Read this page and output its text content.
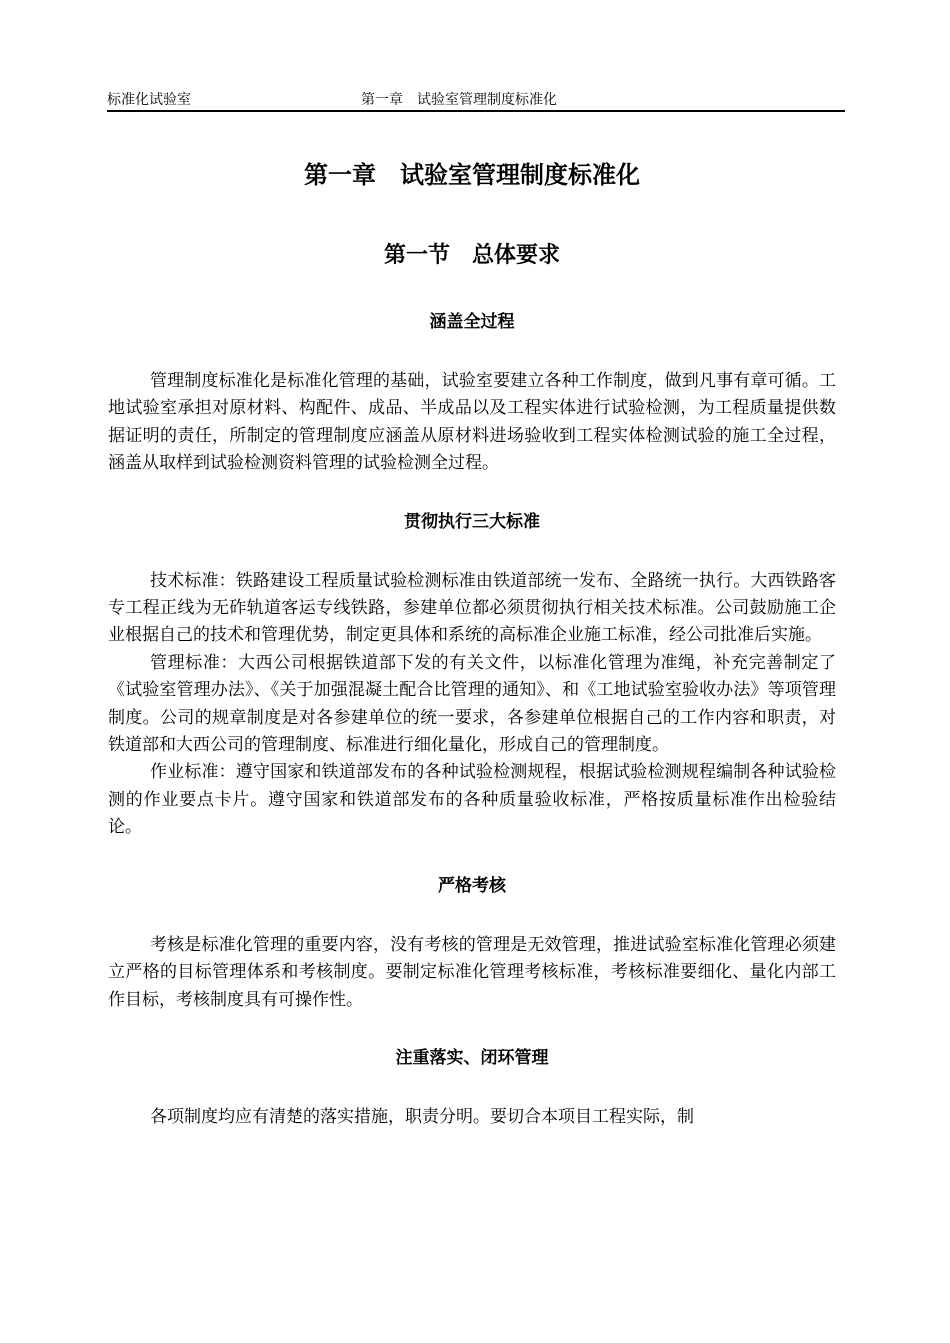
标准化试验室	第一章　试验室管理制度标准化
第一章　试验室管理制度标准化
第一节　总体要求
涵盖全过程

管理制度标准化是标准化管理的基础，试验室要建立各种工作制度，做到凡事有章可循。工地试验室承担对原材料、构配件、成品、半成品以及工程实体进行试验检测，为工程质量提供数据证明的责任，所制定的管理制度应涵盖从原材料进场验收到工程实体检测试验的施工全过程，涵盖从取样到试验检测资料管理的试验检测全过程。

贯彻执行三大标准

技术标准：铁路建设工程质量试验检测标准由铁道部统一发布、全路统一执行。大西铁路客专工程正线为无砟轨道客运专线铁路，参建单位都必须贯彻执行相关技术标准。公司鼓励施工企业根据自己的技术和管理优势，制定更具体和系统的高标准企业施工标准，经公司批准后实施。

管理标准：大西公司根据铁道部下发的有关文件，以标准化管理为准绳，补充完善制定了《试验室管理办法》、《关于加强混凝土配合比管理的通知》、和《工地试验室验收办法》等项管理制度。公司的规章制度是对各参建单位的统一要求，各参建单位根据自己的工作内容和职责，对铁道部和大西公司的管理制度、标准进行细化量化，形成自己的管理制度。

作业标准：遵守国家和铁道部发布的各种试验检测规程，根据试验检测规程编制各种试验检测的作业要点卡片。遵守国家和铁道部发布的各种质量验收标准，严格按质量标准作出检验结论。

严格考核

考核是标准化管理的重要内容，没有考核的管理是无效管理，推进试验室标准化管理必须建立严格的目标管理体系和考核制度。要制定标准化管理考核标准，考核标准要细化、量化内部工作目标，考核制度具有可操作性。

注重落实、闭环管理

各项制度均应有清楚的落实措施，职责分明。要切合本项目工程实际，制
